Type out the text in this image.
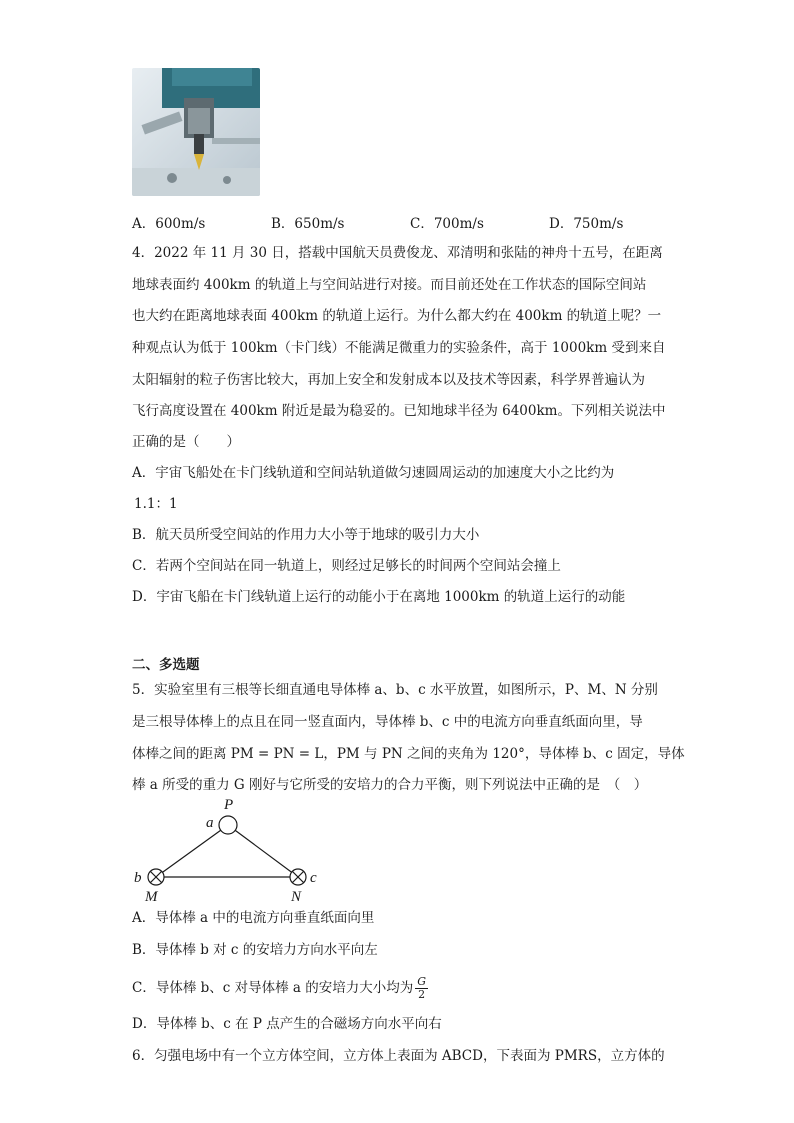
A．600m/s	B．650m/s	C．700m/s	D．750m/s
4．2022 年 11 月 30 日，搭载中国航天员费俊龙、邓清明和张陆的神舟十五号，在距离
地球表面约 400km 的轨道上与空间站进行对接。而目前还处在工作状态的国际空间站
也大约在距离地球表面 400km 的轨道上运行。为什么都大约在 400km 的轨道上呢？一
种观点认为低于 100km（卡门线）不能满足微重力的实验条件，高于 1000km 受到来自
太阳辐射的粒子伤害比较大，再加上安全和发射成本以及技术等因素，科学界普遍认为
飞行高度设置在 400km 附近是最为稳妥的。已知地球半径为 6400km。下列相关说法中
正确的是（　　）
A．宇宙飞船处在卡门线轨道和空间站轨道做匀速圆周运动的加速度大小之比约为
1.1：1
B．航天员所受空间站的作用力大小等于地球的吸引力大小
C．若两个空间站在同一轨道上，则经过足够长的时间两个空间站会撞上
D．宇宙飞船在卡门线轨道上运行的动能小于在离地 1000km 的轨道上运行的动能
二、多选题
5．实验室里有三根等长细直通电导体棒 a、b、c 水平放置，如图所示，P、M、N 分别
是三根导体棒上的点且在同一竖直面内，导体棒 b、c 中的电流方向垂直纸面向里，导
体棒之间的距离 PM = PN = L，PM 与 PN 之间的夹角为 120°，导体棒 b、c 固定，导体
棒 a 所受的重力 G 刚好与它所受的安培力的合力平衡，则下列说法中正确的是　（　）
P
a
b
M
c
N
A．导体棒 a 中的电流方向垂直纸面向里
B．导体棒 b 对 c 的安培力方向水平向左
C．导体棒 b、c 对导体棒 a 的安培力大小均为 $\frac{G}{2}$
D．导体棒 b、c 在 P 点产生的合磁场方向水平向右
6．匀强电场中有一个立方体空间，立方体上表面为 ABCD，下表面为 PMRS，立方体的
